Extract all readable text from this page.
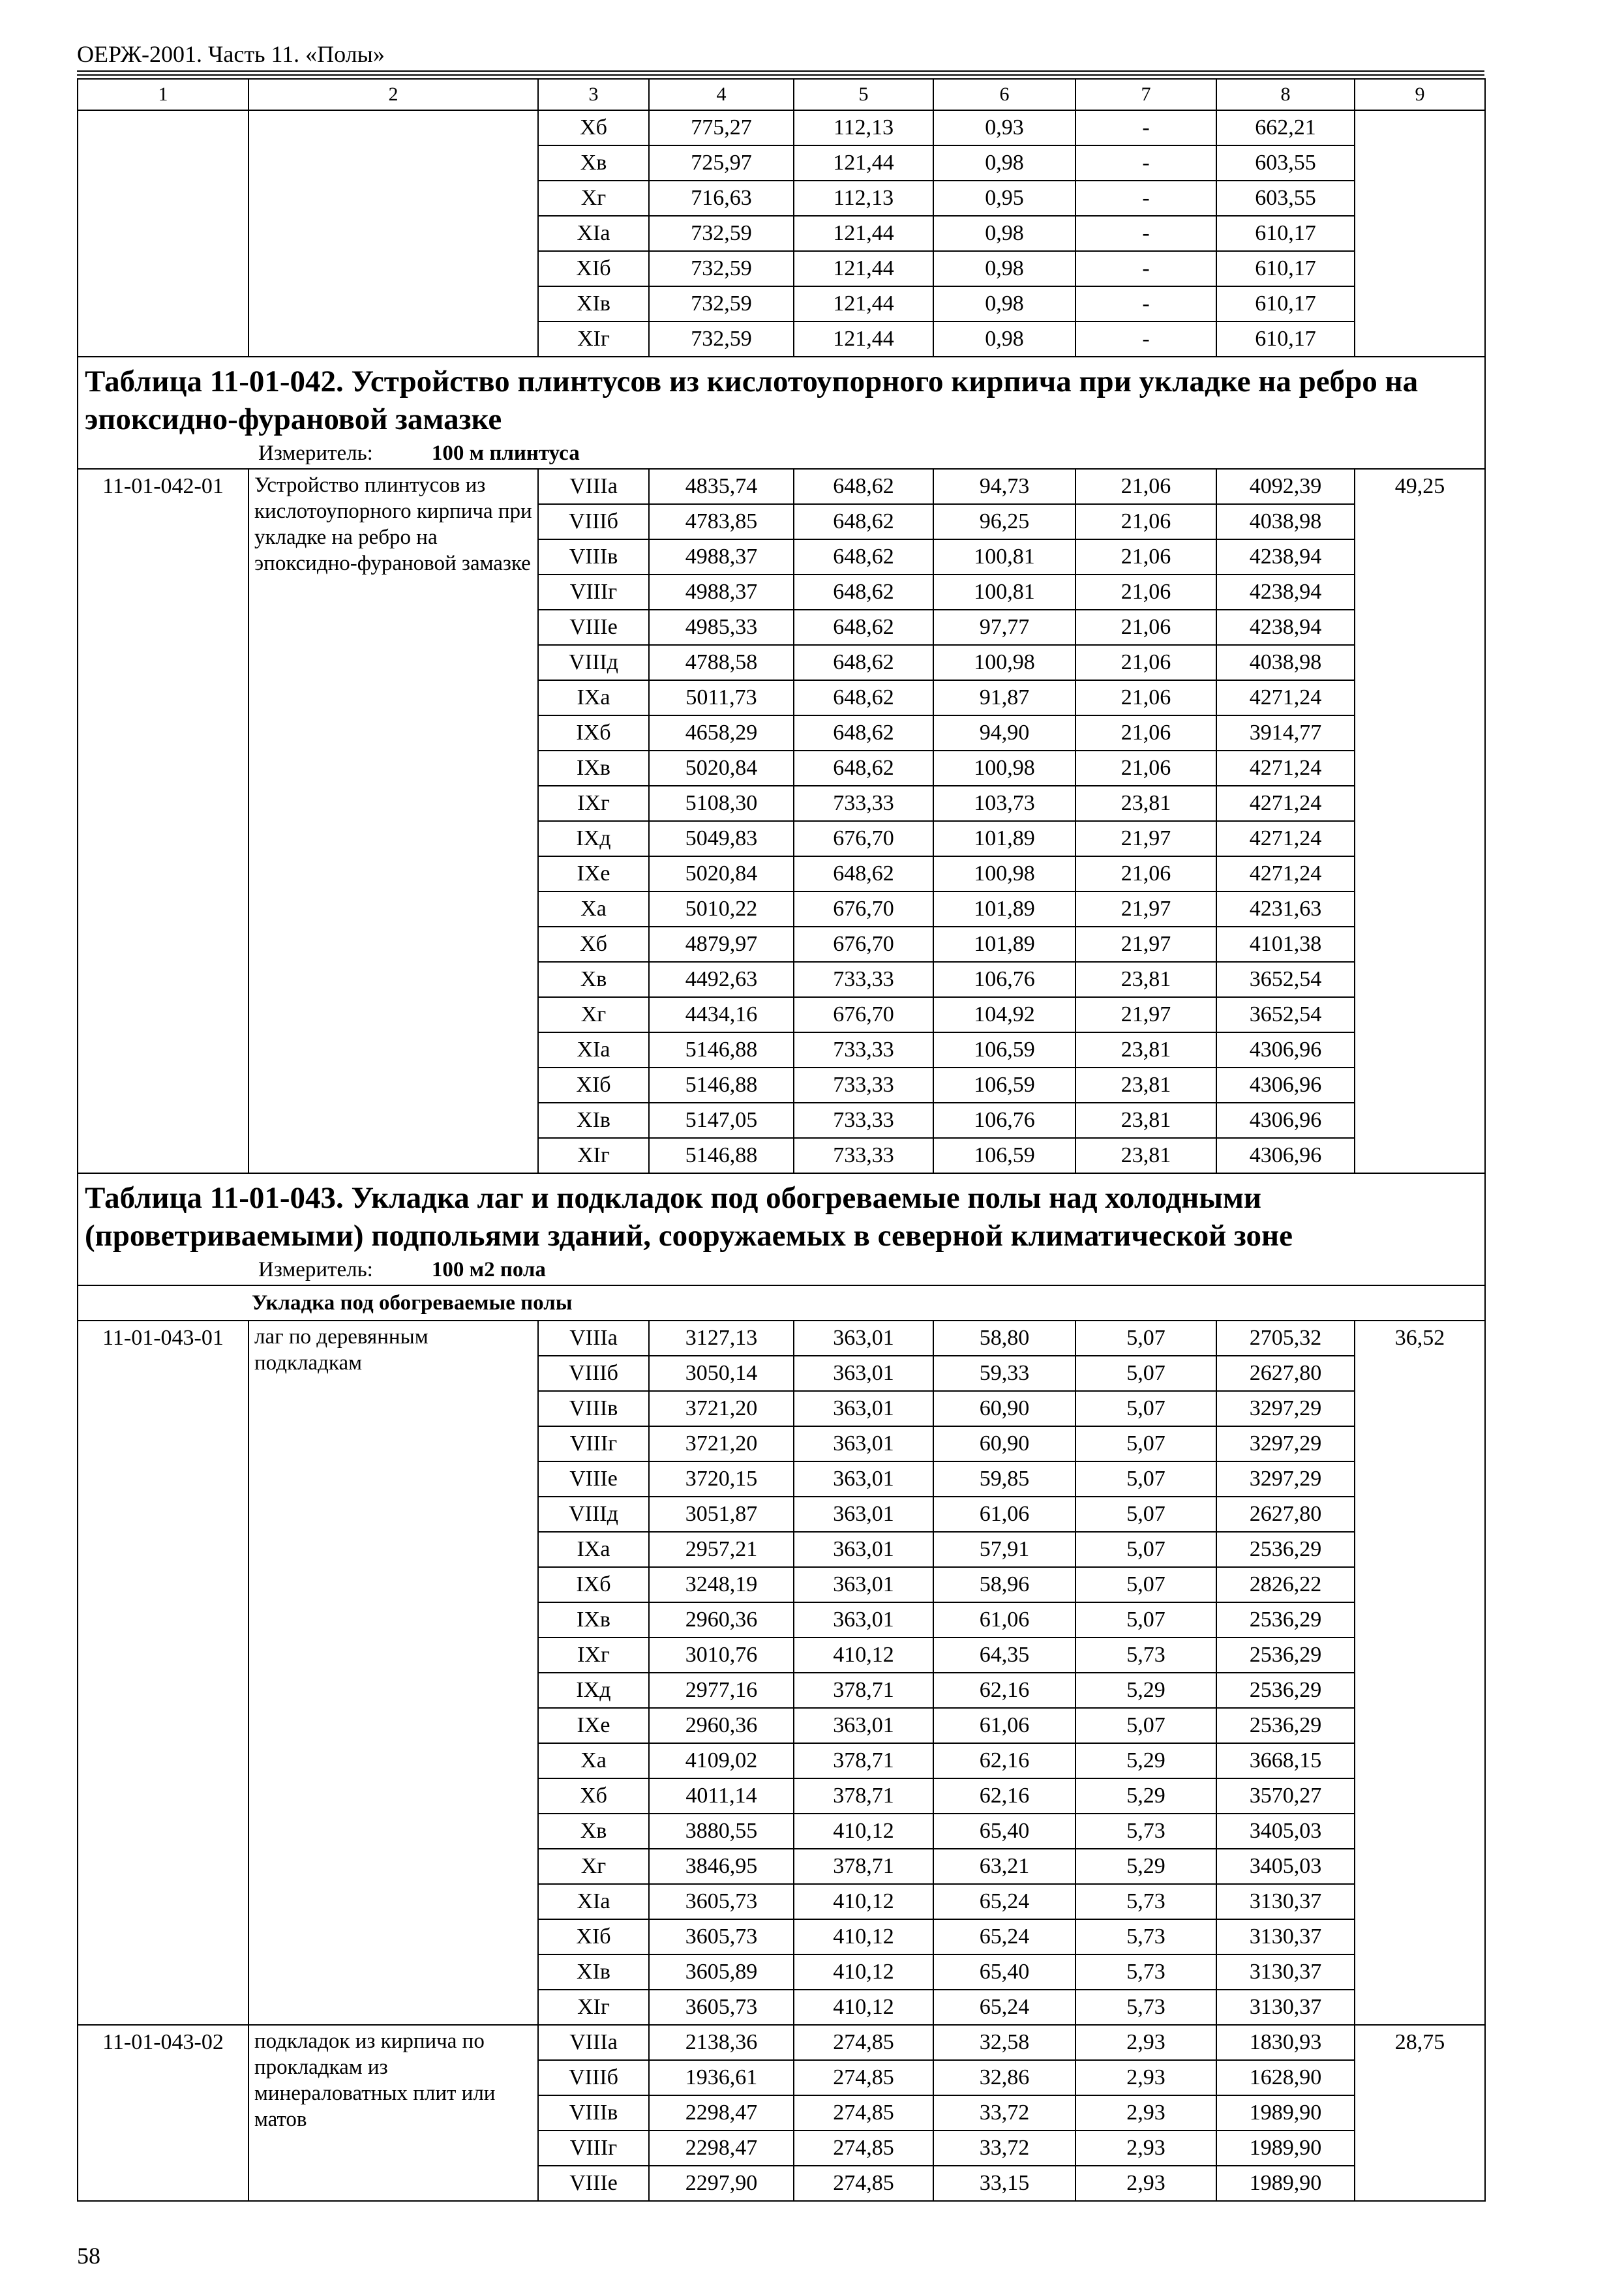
ОЕРЖ-2001. Часть 11. «Полы»
1	2	3	4	5	6	7	8	9
		Xб	775,27	112,13	0,93	-	662,21	
		Xв	725,97	121,44	0,98	-	603,55	
		Xг	716,63	112,13	0,95	-	603,55	
		XIа	732,59	121,44	0,98	-	610,17	
		XIб	732,59	121,44	0,98	-	610,17	
		XIв	732,59	121,44	0,98	-	610,17	
		XIг	732,59	121,44	0,98	-	610,17	

Таблица 11-01-042. Устройство плинтусов из кислотоупорного кирпича при укладке на ребро на эпоксидно-фурановой замазке
Измеритель: 100 м плинтуса								

11-01-042-01	Устройство плинтусов из кислотоупорного кирпича при укладке на ребро на эпоксидно-фурановой замазке	VIIIа	4835,74	648,62	94,73	21,06	4092,39	49,25
		VIIIб	4783,85	648,62	96,25	21,06	4038,98	
		VIIIв	4988,37	648,62	100,81	21,06	4238,94	
		VIIIг	4988,37	648,62	100,81	21,06	4238,94	
		VIIIе	4985,33	648,62	97,77	21,06	4238,94	
		VIIIд	4788,58	648,62	100,98	21,06	4038,98	
		IXа	5011,73	648,62	91,87	21,06	4271,24	
		IXб	4658,29	648,62	94,90	21,06	3914,77	
		IXв	5020,84	648,62	100,98	21,06	4271,24	
		IXг	5108,30	733,33	103,73	23,81	4271,24	
		IXд	5049,83	676,70	101,89	21,97	4271,24	
		IXе	5020,84	648,62	100,98	21,06	4271,24	
		Xа	5010,22	676,70	101,89	21,97	4231,63	
		Xб	4879,97	676,70	101,89	21,97	4101,38	
		Xв	4492,63	733,33	106,76	23,81	3652,54	
		Xг	4434,16	676,70	104,92	21,97	3652,54	
		XIа	5146,88	733,33	106,59	23,81	4306,96	
		XIб	5146,88	733,33	106,59	23,81	4306,96	
		XIв	5147,05	733,33	106,76	23,81	4306,96	
		XIг	5146,88	733,33	106,59	23,81	4306,96	

Таблица 11-01-043. Укладка лаг и подкладок под обогреваемые полы над холодными (проветриваемыми) подпольями зданий, сооружаемых в северной климатической зоне
Измеритель: 100 м2 пола								

Укладка под обогреваемые полы								
11-01-043-01	лаг по деревянным подкладкам	VIIIа	3127,13	363,01	58,80	5,07	2705,32	36,52
		VIIIб	3050,14	363,01	59,33	5,07	2627,80	
		VIIIв	3721,20	363,01	60,90	5,07	3297,29	
		VIIIг	3721,20	363,01	60,90	5,07	3297,29	
		VIIIе	3720,15	363,01	59,85	5,07	3297,29	
		VIIIд	3051,87	363,01	61,06	5,07	2627,80	
		IXа	2957,21	363,01	57,91	5,07	2536,29	
		IXб	3248,19	363,01	58,96	5,07	2826,22	
		IXв	2960,36	363,01	61,06	5,07	2536,29	
		IXг	3010,76	410,12	64,35	5,73	2536,29	
		IXд	2977,16	378,71	62,16	5,29	2536,29	
		IXе	2960,36	363,01	61,06	5,07	2536,29	
		Xа	4109,02	378,71	62,16	5,29	3668,15	
		Xб	4011,14	378,71	62,16	5,29	3570,27	
		Xв	3880,55	410,12	65,40	5,73	3405,03	
		Xг	3846,95	378,71	63,21	5,29	3405,03	
		XIа	3605,73	410,12	65,24	5,73	3130,37	
		XIб	3605,73	410,12	65,24	5,73	3130,37	
		XIв	3605,89	410,12	65,40	5,73	3130,37	
		XIг	3605,73	410,12	65,24	5,73	3130,37	
11-01-043-02	подкладок из кирпича по прокладкам из минераловатных плит или матов	VIIIа	2138,36	274,85	32,58	2,93	1830,93	28,75
		VIIIб	1936,61	274,85	32,86	2,93	1628,90	
		VIIIв	2298,47	274,85	33,72	2,93	1989,90	
		VIIIг	2298,47	274,85	33,72	2,93	1989,90	
		VIIIе	2297,90	274,85	33,15	2,93	1989,90	
58
